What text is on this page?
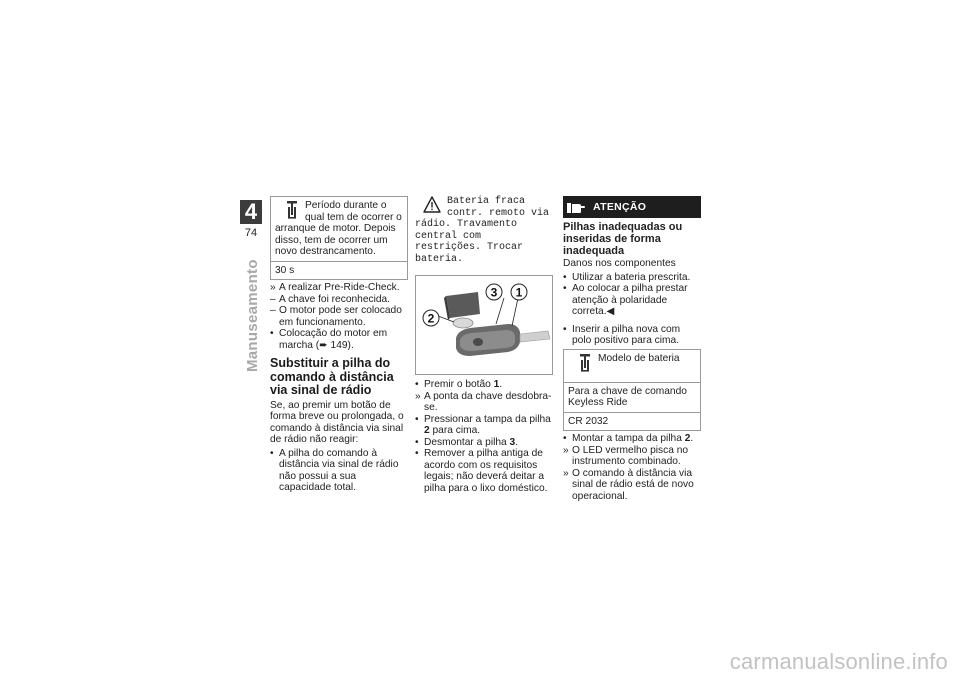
4
74
Manuseamento

Período durante o qual tem de ocorrer o arranque de motor. Depois disso, tem de ocorrer um novo destrancamento.

30 s
» A realizar Pre-Ride-Check.
– A chave foi reconhecida.
– O motor pode ser colocado em funcionamento.
• Colocação do motor em marcha (➨ 149).
Substituir a pilha do comando à distância via sinal de rádio

Se, ao premir um botão de forma breve ou prolongada, o comando à distância via sinal de rádio não reagir:

• A pilha do comando à distância via sinal de rádio não possui a sua capacidade total.

Bateria fraca contr. remoto via rádio. Travamento central com restrições. Trocar bateria.

3 1
2
• Premir o botão 1.
» A ponta da chave desdobra-se.
• Pressionar a tampa da pilha 2 para cima.
• Desmontar a pilha 3.
• Remover a pilha antiga de acordo com os requisitos legais; não deverá deitar a pilha para o lixo doméstico.
ATENÇÃO

Pilhas inadequadas ou inseridas de forma inadequada

Danos nos componentes

• Utilizar a bateria prescrita.
• Ao colocar a pilha prestar atenção à polaridade correta.◀
• Inserir a pilha nova com polo positivo para cima.

Modelo de bateria

Para a chave de comando Keyless Ride
CR 2032
• Montar a tampa da pilha 2.
» O LED vermelho pisca no instrumento combinado.
» O comando à distância via sinal de rádio está de novo operacional.
carmanualsonline.info
